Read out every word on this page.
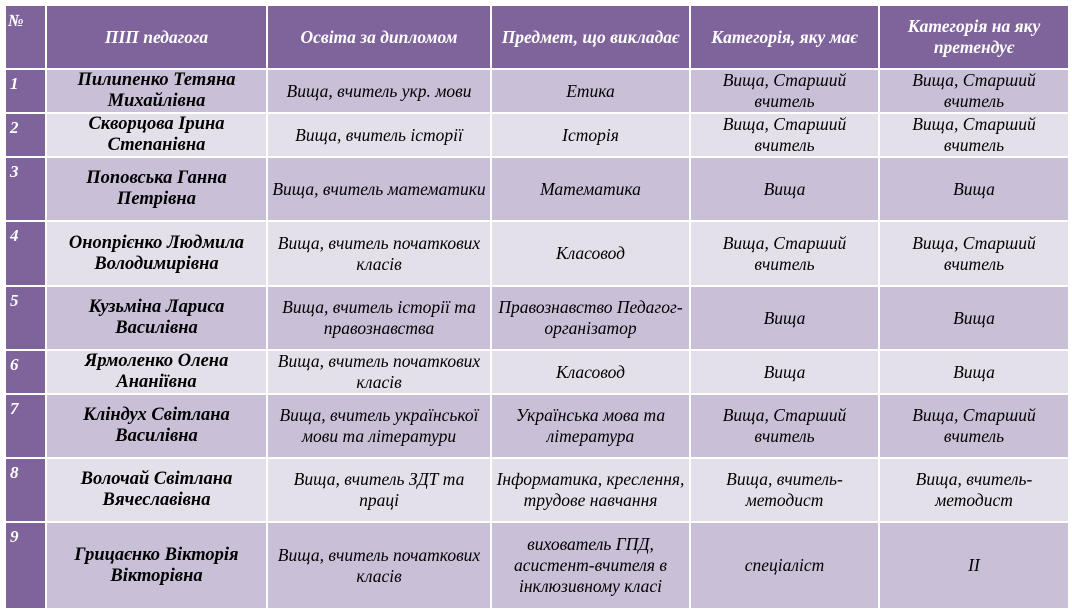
№	ПІП педагога	Освіта за дипломом	Предмет, що викладає	Категорія, яку має	Категорія на яку претендує
1	Пилипенко Тетяна Михайлівна	Вища, вчитель укр. мови	Етика	Вища, Старший вчитель	Вища, Старший вчитель
2	Скворцова Ірина Степанівна	Вища, вчитель історії	Історія	Вища, Старший вчитель	Вища, Старший вчитель
3	Поповська Ганна Петрівна	Вища, вчитель математики	Математика	Вища	Вища
4	Онопрієнко Людмила Володимирівна	Вища, вчитель початкових класів	Класовод	Вища, Старший вчитель	Вища, Старший вчитель
5	Кузьміна Лариса Василівна	Вища, вчитель історії та правознавства	Правознавство Педагог-організатор	Вища	Вища
6	Ярмоленко Олена Ананіївна	Вища, вчитель початкових класів	Класовод	Вища	Вища
7	Кліндух Світлана Василівна	Вища, вчитель української мови та літератури	Українська мова та література	Вища, Старший вчитель	Вища, Старший вчитель
8	Волочай Світлана Вячеславівна	Вища, вчитель ЗДТ та праці	Інформатика, креслення, трудове навчання	Вища, вчитель-методист	Вища, вчитель-методист
9	Грицаєнко Вікторія Вікторівна	Вища, вчитель початкових класів	вихователь ГПД, асистент-вчителя в інклюзивному класі	спеціаліст	ІІ
